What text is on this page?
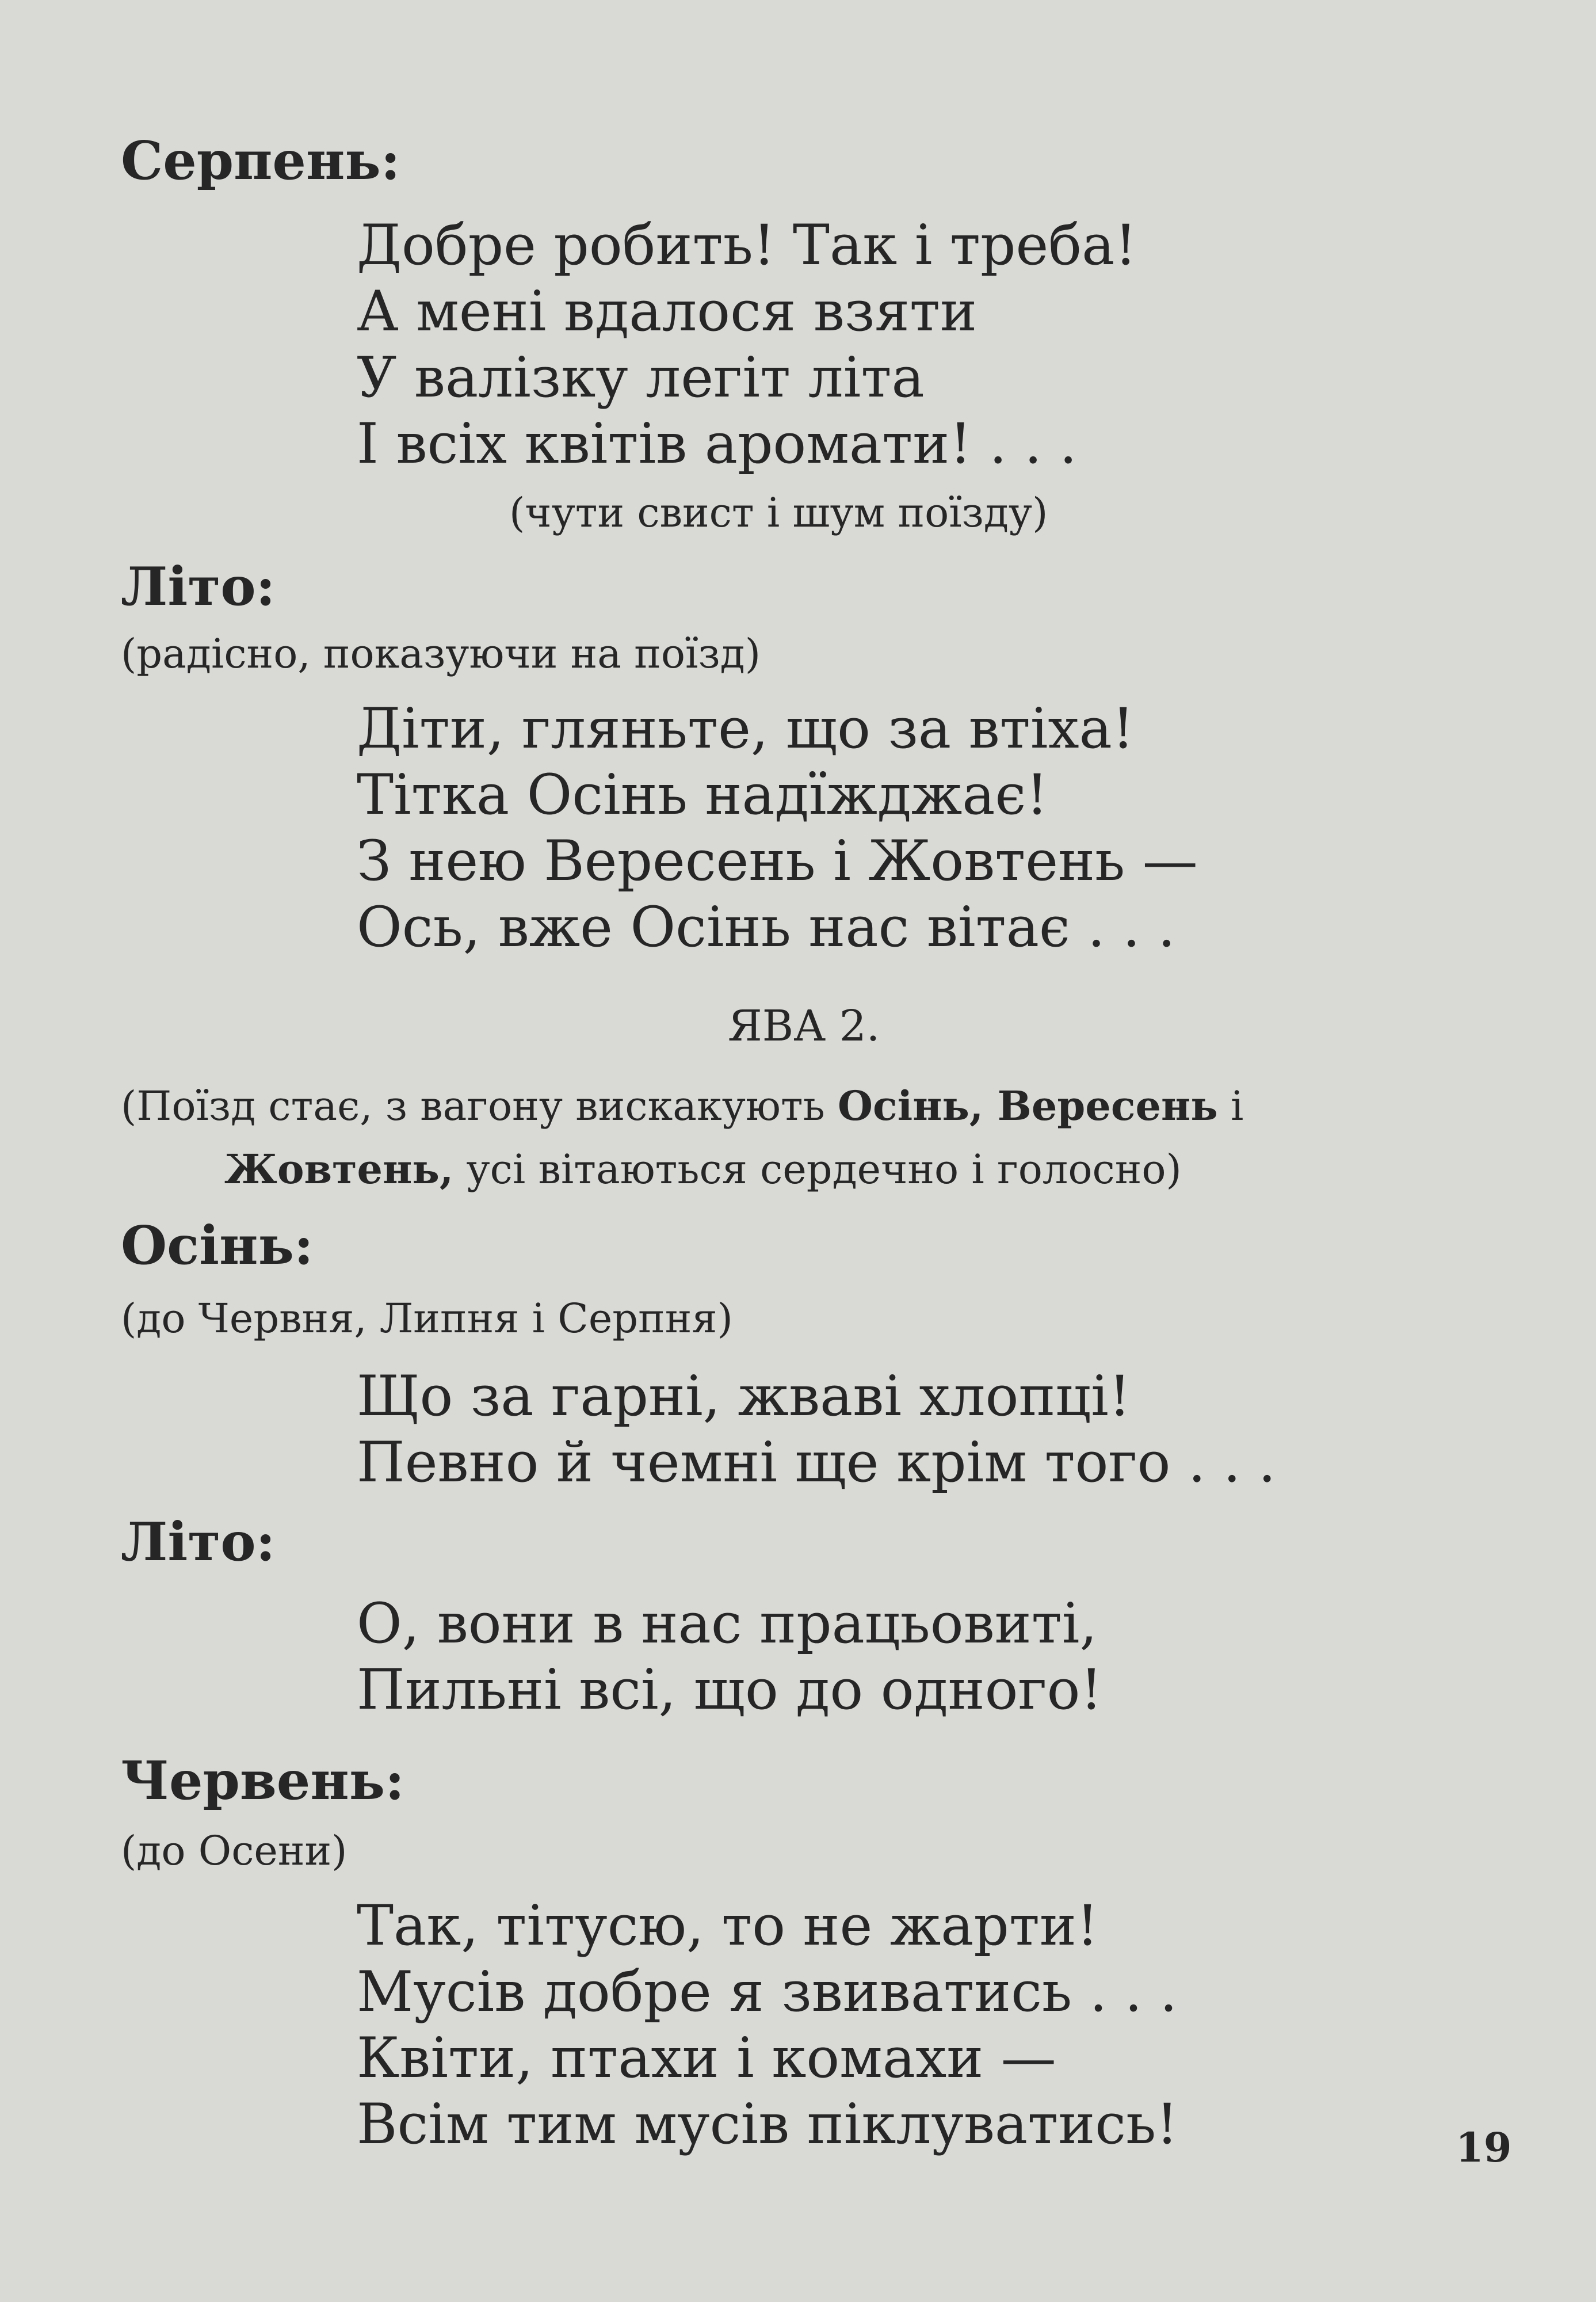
Серпень:
Добре робить! Так і треба!
А мені вдалося взяти
У валізку легіт літа
І всіх квітів аромати! . . .
(чути свист і шум поїзду)
Літо:
(радісно, показуючи на поїзд)
Діти, гляньте, що за втіха!
Тітка Осінь надїжджає!
З нею Вересень і Жовтень —
Ось, вже Осінь нас вітає . . .
ЯВА 2.
(Поїзд стає, з вагону вискакують Осінь, Вересень і
Жовтень, усі вітаються сердечно і голосно)
Осінь:
(до Червня, Липня і Серпня)
Що за гарні, жваві хлопці!
Певно й чемні ще крім того . . .
Літо:
О, вони в нас працьовиті,
Пильні всі, що до одного!
Червень:
(до Осени)
Так, тітусю, то не жарти!
Мусів добре я звиватись . . .
Квіти, птахи і комахи —
Всім тим мусів піклуватись!	19
